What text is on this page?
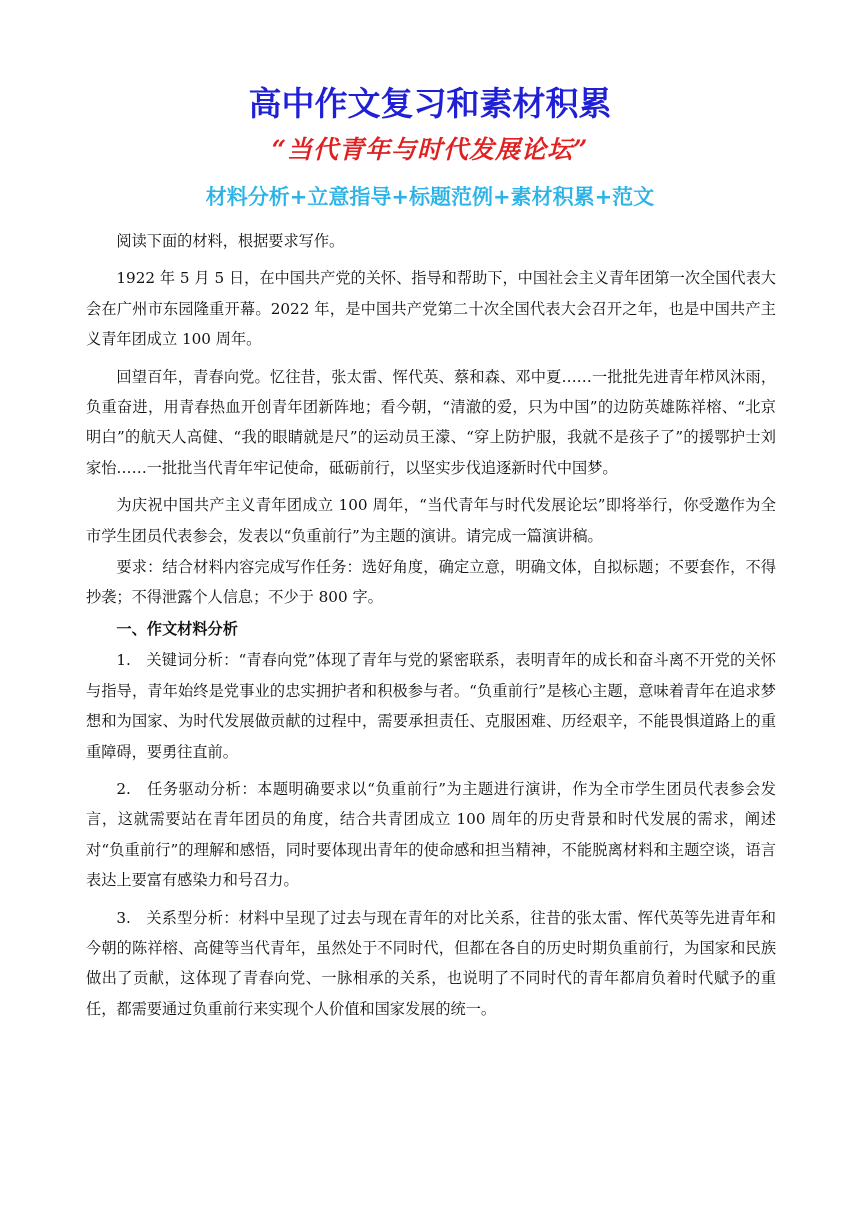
高中作文复习和素材积累
“当代青年与时代发展论坛”
材料分析+立意指导+标题范例+素材积累+范文

阅读下面的材料，根据要求写作。

1922 年 5 月 5 日，在中国共产党的关怀、指导和帮助下，中国社会主义青年团第一次全国代表大会在广州市东园隆重开幕。2022 年，是中国共产党第二十次全国代表大会召开之年，也是中国共产主义青年团成立 100 周年。

回望百年，青春向党。忆往昔，张太雷、恽代英、蔡和森、邓中夏……一批批先进青年栉风沐雨，负重奋进，用青春热血开创青年团新阵地；看今朝，“清澈的爱，只为中国”的边防英雄陈祥榕、“北京明白”的航天人高健、“我的眼睛就是尺”的运动员王濛、“穿上防护服，我就不是孩子了”的援鄂护士刘家怡……一批批当代青年牢记使命，砥砺前行，以坚实步伐追逐新时代中国梦。

为庆祝中国共产主义青年团成立 100 周年，“当代青年与时代发展论坛”即将举行，你受邀作为全市学生团员代表参会，发表以“负重前行”为主题的演讲。请完成一篇演讲稿。

要求：结合材料内容完成写作任务：选好角度，确定立意，明确文体，自拟标题；不要套作，不得抄袭；不得泄露个人信息；不少于 800 字。

一、作文材料分析

1.　关键词分析：“青春向党”体现了青年与党的紧密联系，表明青年的成长和奋斗离不开党的关怀与指导，青年始终是党事业的忠实拥护者和积极参与者。“负重前行”是核心主题，意味着青年在追求梦想和为国家、为时代发展做贡献的过程中，需要承担责任、克服困难、历经艰辛，不能畏惧道路上的重重障碍，要勇往直前。

2.　任务驱动分析：本题明确要求以“负重前行”为主题进行演讲，作为全市学生团员代表参会发言，这就需要站在青年团员的角度，结合共青团成立 100 周年的历史背景和时代发展的需求，阐述对“负重前行”的理解和感悟，同时要体现出青年的使命感和担当精神，不能脱离材料和主题空谈，语言表达上要富有感染力和号召力。

3.　关系型分析：材料中呈现了过去与现在青年的对比关系，往昔的张太雷、恽代英等先进青年和今朝的陈祥榕、高健等当代青年，虽然处于不同时代，但都在各自的历史时期负重前行，为国家和民族做出了贡献，这体现了青春向党、一脉相承的关系，也说明了不同时代的青年都肩负着时代赋予的重任，都需要通过负重前行来实现个人价值和国家发展的统一。
